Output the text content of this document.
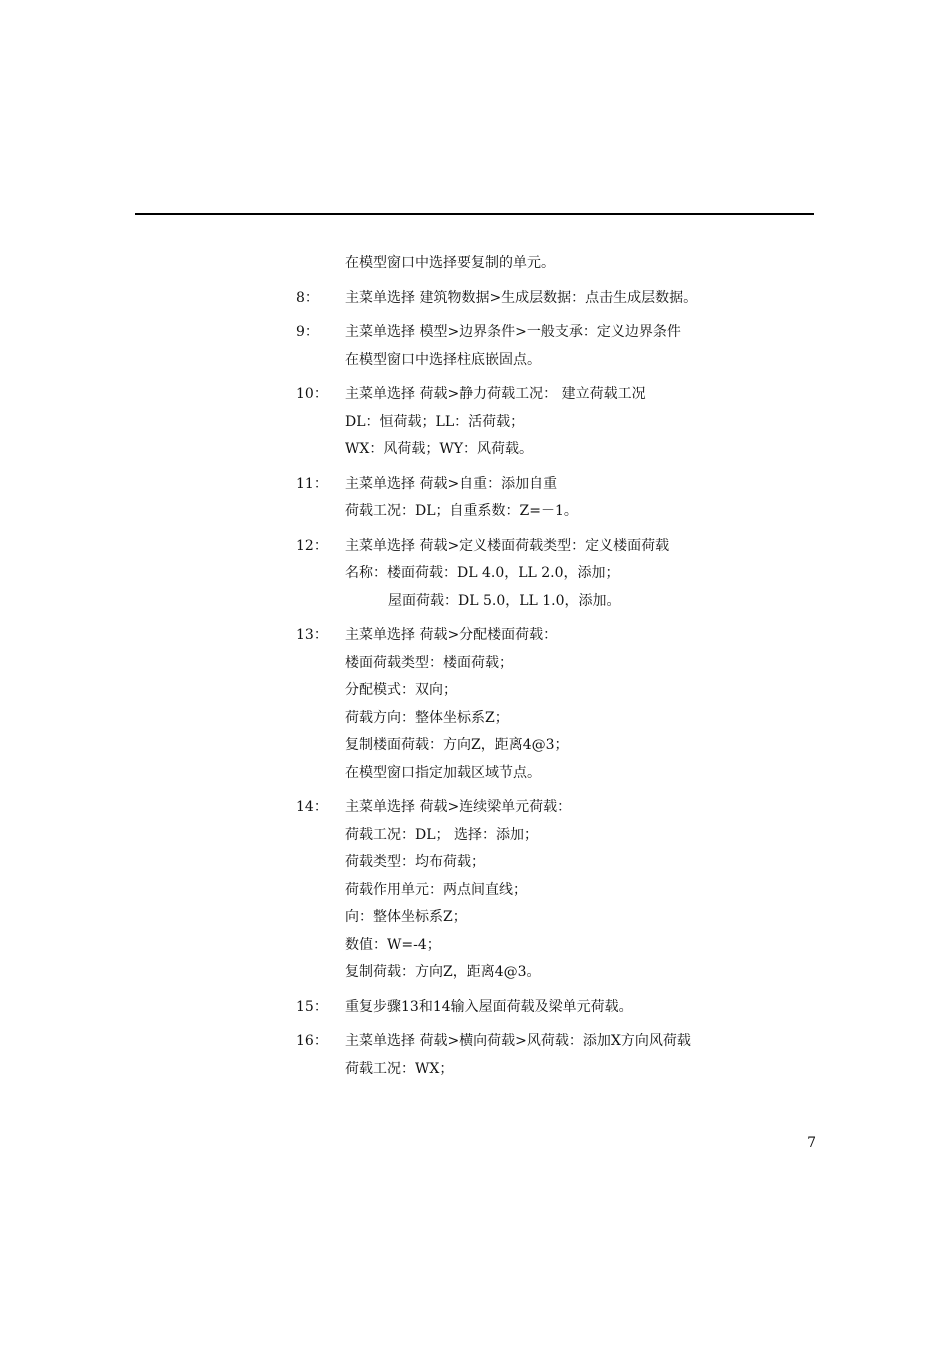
在模型窗口中选择要复制的单元。
8：	主菜单选择 建筑物数据>生成层数据：点击生成层数据。
9：	主菜单选择 模型>边界条件>一般支承：定义边界条件
在模型窗口中选择柱底嵌固点。
10：	主菜单选择 荷载>静力荷载工况： 建立荷载工况
DL：恒荷载；LL：活荷载；
WX：风荷载；WY：风荷载。
11：	主菜单选择 荷载>自重：添加自重
荷载工况：DL；自重系数：Z=－1。
12：	主菜单选择 荷载>定义楼面荷载类型：定义楼面荷载
名称：楼面荷载：DL 4.0，LL 2.0，添加；
屋面荷载：DL 5.0，LL 1.0，添加。
13：	主菜单选择 荷载>分配楼面荷载：
楼面荷载类型：楼面荷载；
分配模式：双向；
荷载方向：整体坐标系Z；
复制楼面荷载：方向Z，距离4@3；
在模型窗口指定加载区域节点。
14：	主菜单选择 荷载>连续梁单元荷载：
荷载工况：DL； 选择：添加；
荷载类型：均布荷载；
荷载作用单元：两点间直线；
向：整体坐标系Z；
数值：W=-4；
复制荷载：方向Z，距离4@3。
15：	重复步骤13和14输入屋面荷载及梁单元荷载。
16：	主菜单选择 荷载>横向荷载>风荷载：添加X方向风荷载
荷载工况：WX；
7
